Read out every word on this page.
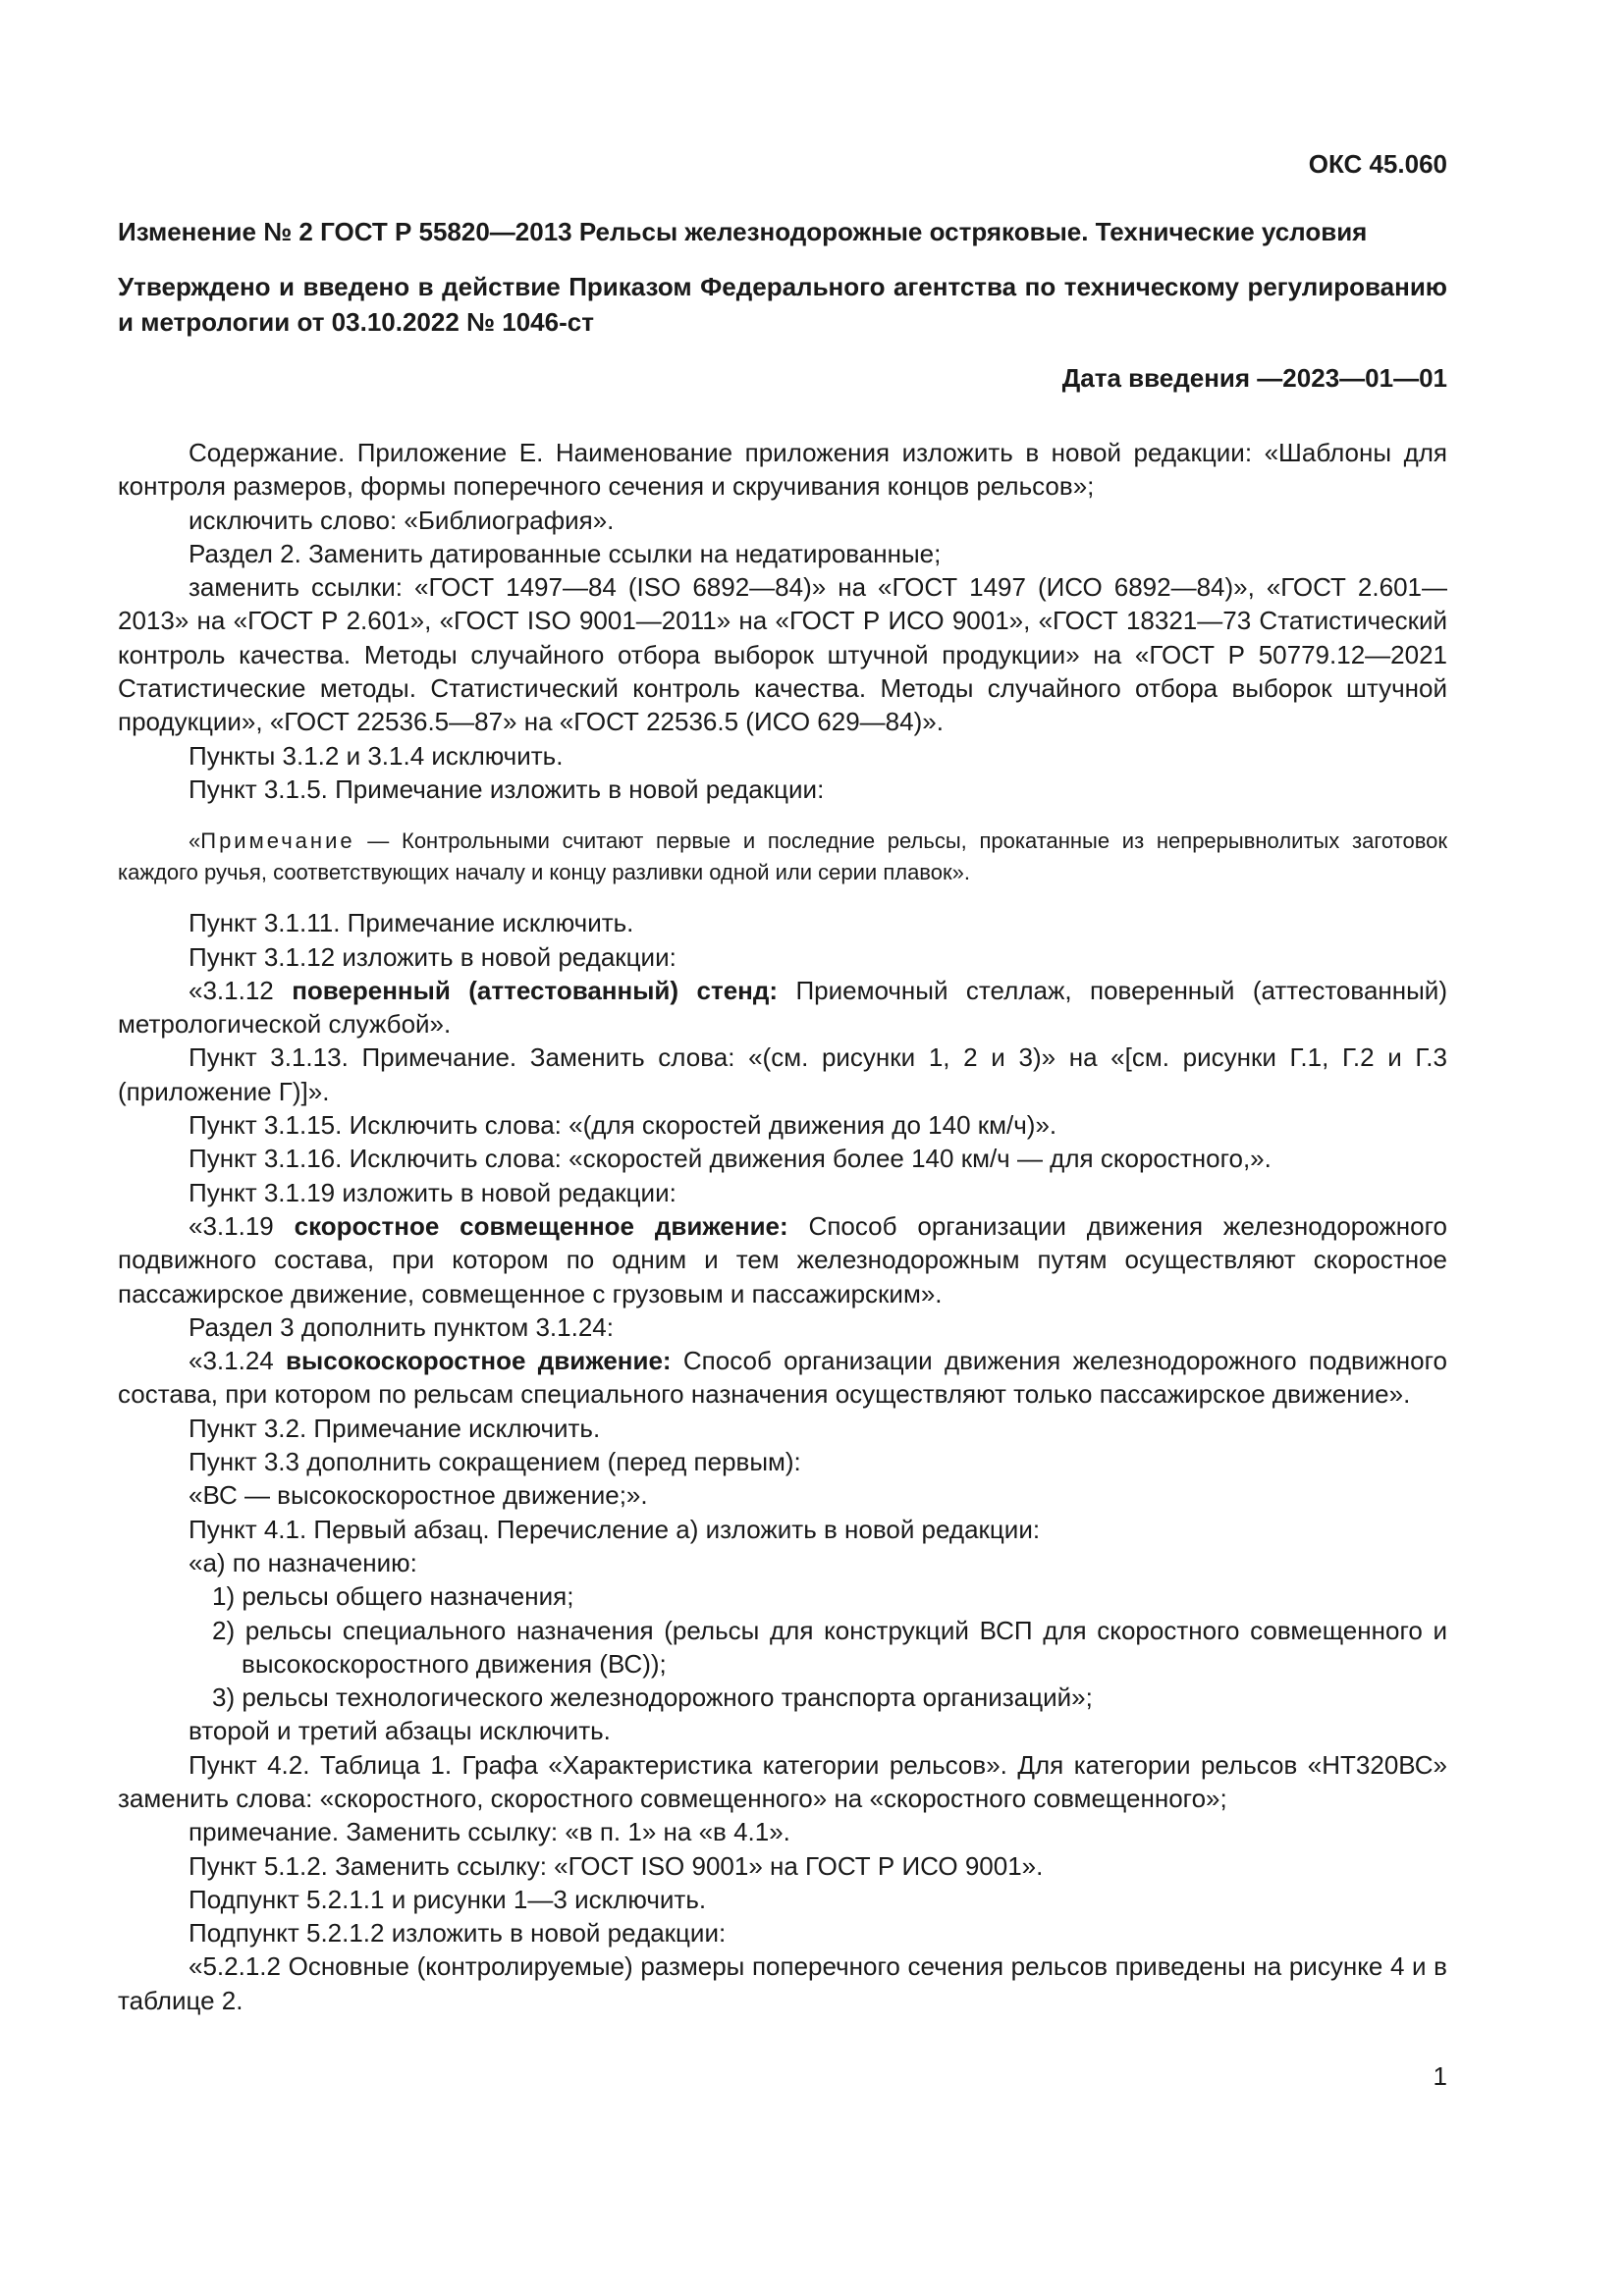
ОКС 45.060
Изменение № 2 ГОСТ Р 55820—2013 Рельсы железнодорожные остряковые. Технические условия
Утверждено и введено в действие Приказом Федерального агентства по техническому регулированию и метрологии от 03.10.2022 № 1046-ст
Дата введения —2023—01—01

Содержание. Приложение Е. Наименование приложения изложить в новой редакции: «Шаблоны для контроля размеров, формы поперечного сечения и скручивания концов рельсов»;

исключить слово: «Библиография».

Раздел 2. Заменить датированные ссылки на недатированные;

заменить ссылки: «ГОСТ 1497—84 (ISO 6892—84)» на «ГОСТ 1497 (ИСО 6892—84)», «ГОСТ 2.601—2013» на «ГОСТ Р 2.601», «ГОСТ ISO 9001—2011» на «ГОСТ Р ИСО 9001», «ГОСТ 18321—73 Статистический контроль качества. Методы случайного отбора выборок штучной продукции» на «ГОСТ Р 50779.12—2021 Статистические методы. Статистический контроль качества. Методы случайного отбора выборок штучной продукции», «ГОСТ 22536.5—87» на «ГОСТ 22536.5 (ИСО 629—84)».

Пункты 3.1.2 и 3.1.4 исключить.

Пункт 3.1.5. Примечание изложить в новой редакции:

«Примечание — Контрольными считают первые и последние рельсы, прокатанные из непрерывнолитых заготовок каждого ручья, соответствующих началу и концу разливки одной или серии плавок».

Пункт 3.1.11. Примечание исключить.

Пункт 3.1.12 изложить в новой редакции:

«3.1.12 поверенный (аттестованный) стенд: Приемочный стеллаж, поверенный (аттестованный) метрологической службой».

Пункт 3.1.13. Примечание. Заменить слова: «(см. рисунки 1, 2 и 3)» на «[см. рисунки Г.1, Г.2 и Г.3 (приложение Г)]».

Пункт 3.1.15. Исключить слова: «(для скоростей движения до 140 км/ч)».

Пункт 3.1.16. Исключить слова: «скоростей движения более 140 км/ч — для скоростного,».

Пункт 3.1.19 изложить в новой редакции:

«3.1.19 скоростное совмещенное движение: Способ организации движения железнодорожного подвижного состава, при котором по одним и тем железнодорожным путям осуществляют скоростное пассажирское движение, совмещенное с грузовым и пассажирским».

Раздел 3 дополнить пунктом 3.1.24:

«3.1.24 высокоскоростное движение: Способ организации движения железнодорожного подвижного состава, при котором по рельсам специального назначения осуществляют только пассажирское движение».

Пункт 3.2. Примечание исключить.

Пункт 3.3 дополнить сокращением (перед первым):

«ВС — высокоскоростное движение;».

Пункт 4.1. Первый абзац. Перечисление а) изложить в новой редакции:

«а) по назначению:

1) рельсы общего назначения;

2) рельсы специального назначения (рельсы для конструкций ВСП для скоростного совмещенного и высокоскоростного движения (ВС));

3) рельсы технологического железнодорожного транспорта организаций»;

второй и третий абзацы исключить.

Пункт 4.2. Таблица 1. Графа «Характеристика категории рельсов». Для категории рельсов «НТ320ВС» заменить слова: «скоростного, скоростного совмещенного» на «скоростного совмещенного»;

примечание. Заменить ссылку: «в п. 1» на «в 4.1».

Пункт 5.1.2. Заменить ссылку: «ГОСТ ISO 9001» на ГОСТ Р ИСО 9001».

Подпункт 5.2.1.1 и рисунки 1—3 исключить.

Подпункт 5.2.1.2 изложить в новой редакции:

«5.2.1.2 Основные (контролируемые) размеры поперечного сечения рельсов приведены на рисунке 4 и в таблице 2.

1
